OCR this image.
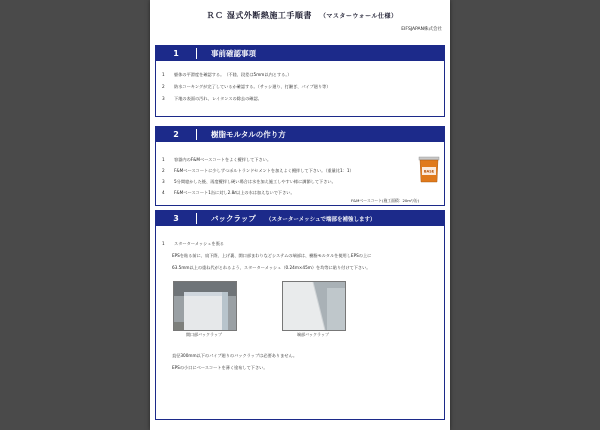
ＲＣ 湿式外断熱施工手順書 （マスターウォール仕様）
EIFSJAPAN株式会社
1	事前確認事項
1 躯体の平滑度を確認する。　（不陸、段差は5mm以内とする。）
2 防水コーキングが完了しているか確認する。（サッシ廻り、打継ぎ、パイプ廻り等）
3 下地の表面の汚れ、レイタンスの除去の確認。
2	樹脂モルタルの作り方
1 容器内のF&Mベースコートをよく攪拌して下さい。
2 F&Mベースコートに少しずつポルトランドセメントを加えよく攪拌して下さい。（重量比1：1）
3 5分間寝かした後、再度攪拌し硬い場合は水を加え施工しやすい様に調節して下さい。
4 F&Mベースコート1缶に対し2.8ℓ以上の水は加えないで下さい。
BASE
F&Mベースコート(施工面積：20m²/缶)
3	バックラップ （スターターメッシュで端部を補強します）
1 スターターメッシュを張る
EPSを貼る前に、扇下際、上げ裏、開口部まわりなどシステムの端部は、樹脂モルタルを使用しEPSの上に
63.5mm以上の重ね代がとれるよう、スターターメッシュ（0.24m×45m）を均等に貼り付けて下さい。
開口部バックラップ	端部バックラップ
直径300mm以下のパイプ廻りのバックラップは必要ありません。
EPSの小口にベースコートを薄く塗布して下さい。
